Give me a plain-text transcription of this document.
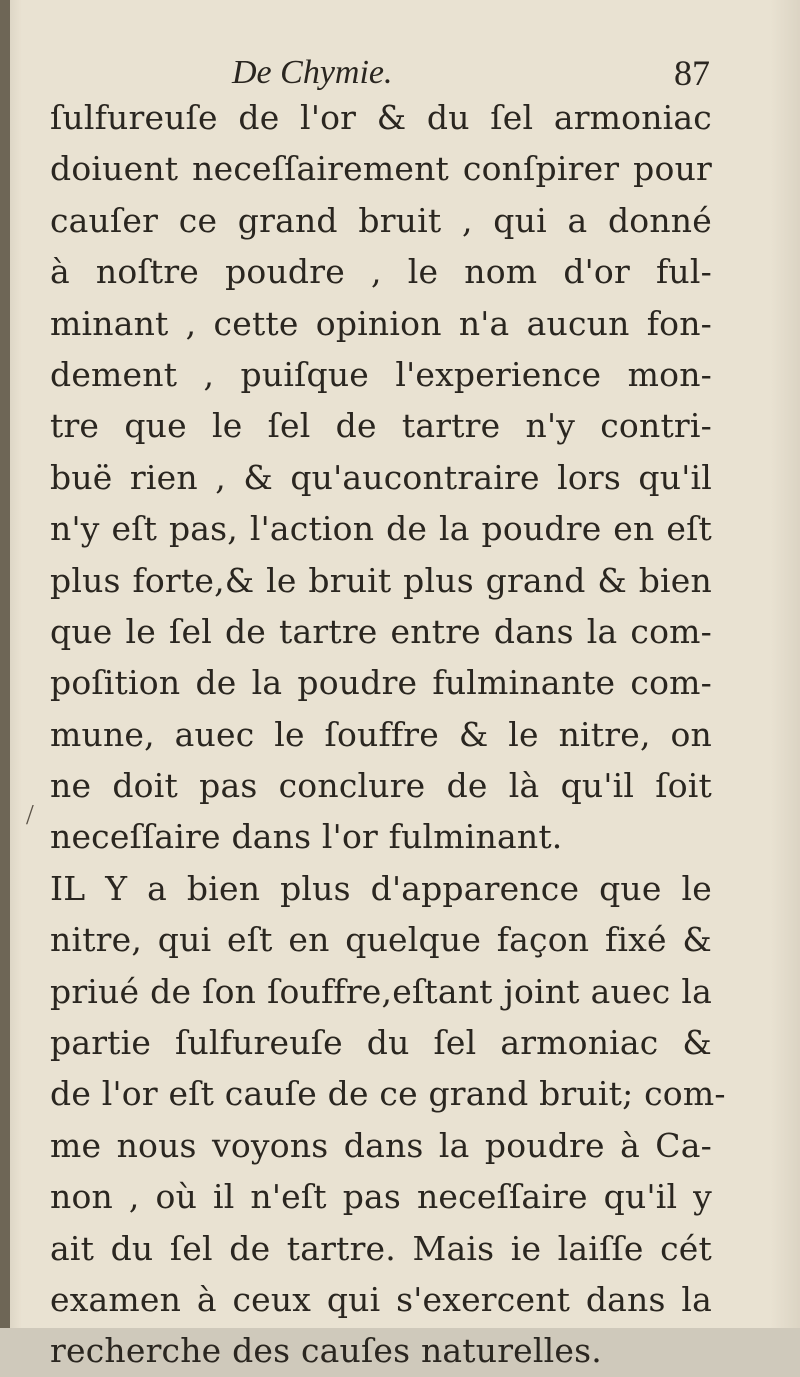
De Chymie.	87
ſulfureuſe de l'or & du ſel armoniac
doiuent neceſſairement conſpirer pour
cauſer ce grand bruit , qui a donné
à noſtre poudre , le nom d'or ful-
minant , cette opinion n'a aucun fon-
dement , puiſque l'experience mon-
tre que le ſel de tartre n'y contri-
buë rien , & qu'aucontraire lors qu'il
n'y eſt pas, l'action de la poudre en eſt
plus forte,& le bruit plus grand & bien
que le ſel de tartre entre dans la com-
poſition de la poudre fulminante com-
mune, auec le ſouffre & le nitre, on
ne doit pas conclure de là qu'il ſoit
neceſſaire dans l'or fulminant.
IL Y a bien plus d'apparence que le
nitre, qui eſt en quelque façon fixé &
priué de ſon ſouffre,eſtant joint auec la
partie ſulfureuſe du ſel armoniac &
de l'or eſt cauſe de ce grand bruit; com-
me nous voyons dans la poudre à Ca-
non , où il n'eſt pas neceſſaire qu'il y
ait du ſel de tartre. Mais ie laiſſe cét
examen à ceux qui s'exercent dans la
recherche des cauſes naturelles.
/
